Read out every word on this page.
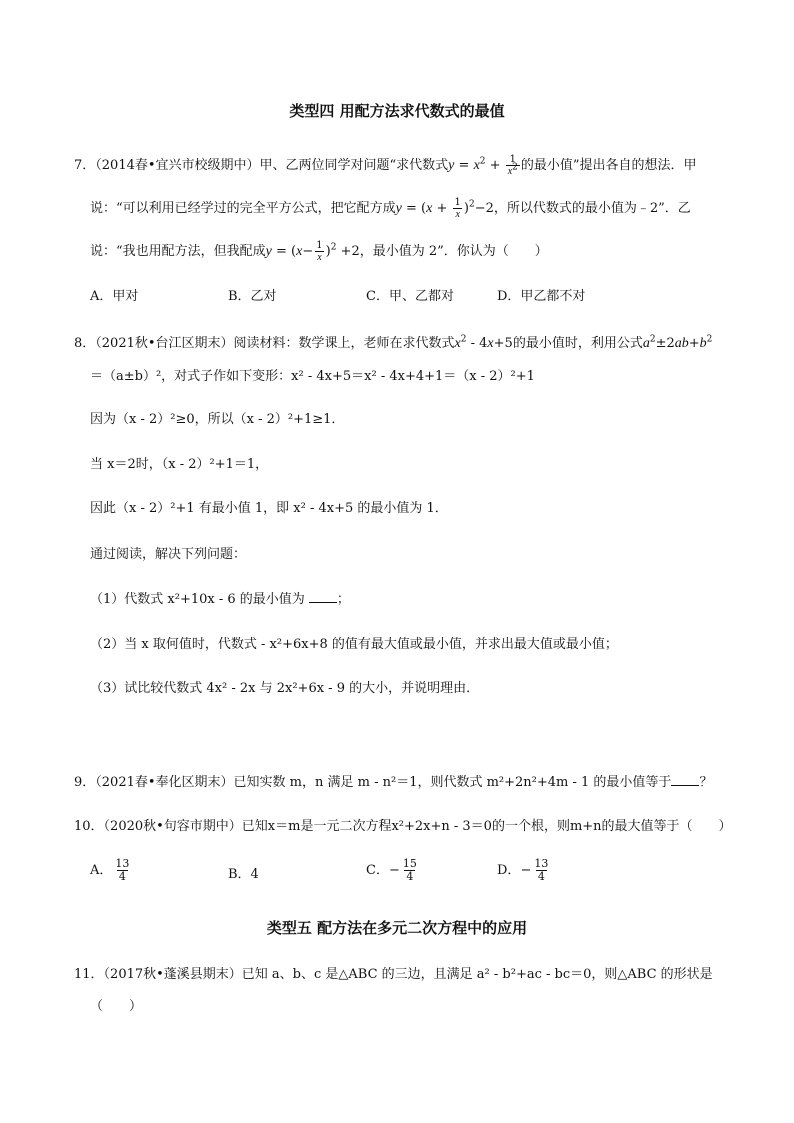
类型四 用配方法求代数式的最值
7．（2014春•宜兴市校级期中）甲、乙两位同学对问题“求代数式$y = x^2 + \frac{1}{x^2}$ 的最小值”提出各自的想法．甲
说：“可以利用已经学过的完全平方公式，把它配方成$y = (x + \frac{1}{x} )^2-2$，所以代数式的最小值为﹣2”．乙
说：“我也用配方法，但我配成$y = (x- \frac{1}{x} )^2 +2$，最小值为 2”．你认为（　　）
A．甲对	B．乙对	C．甲、乙都对	D．甲乙都不对
8．（2021秋•台江区期末）阅读材料：数学课上，老师在求代数式$x^2 - 4x+5$的最小值时，利用公式$a^2\pm 2ab+b^2$
＝（a±b）²，对式子作如下变形：x² - 4x+5＝x² - 4x+4+1＝（x - 2）²+1
因为（x - 2）²≥0，所以（x - 2）²+1≥1．
当 x＝2时，（x - 2）²+1＝1，
因此（x - 2）²+1 有最小值 1，即 x² - 4x+5 的最小值为 1．
通过阅读，解决下列问题：
（1）代数式 x²+10x - 6 的最小值为 ；
（2）当 x 取何值时，代数式 - x²+6x+8 的值有最大值或最小值，并求出最大值或最小值；
（3）试比较代数式 4x² - 2x 与 2x²+6x - 9 的大小，并说明理由．
9．（2021春•奉化区期末）已知实数 m，n 满足 m - n²＝1，则代数式 m²+2n²+4m - 1 的最小值等于 ？
10．（2020秋•句容市期中）已知x＝m是一元二次方程x²+2x+n - 3＝0的一个根，则m+n的最大值等于（　　）
A． $\frac{13}{4}$	B．4	C．− $\frac{15}{4}$	D．− $\frac{13}{4}$
类型五 配方法在多元二次方程中的应用
11．（2017秋•蓬溪县期末）已知 a、b、c 是△ABC 的三边，且满足 a² - b²+ac - bc＝0，则△ABC 的形状是
（　　）
